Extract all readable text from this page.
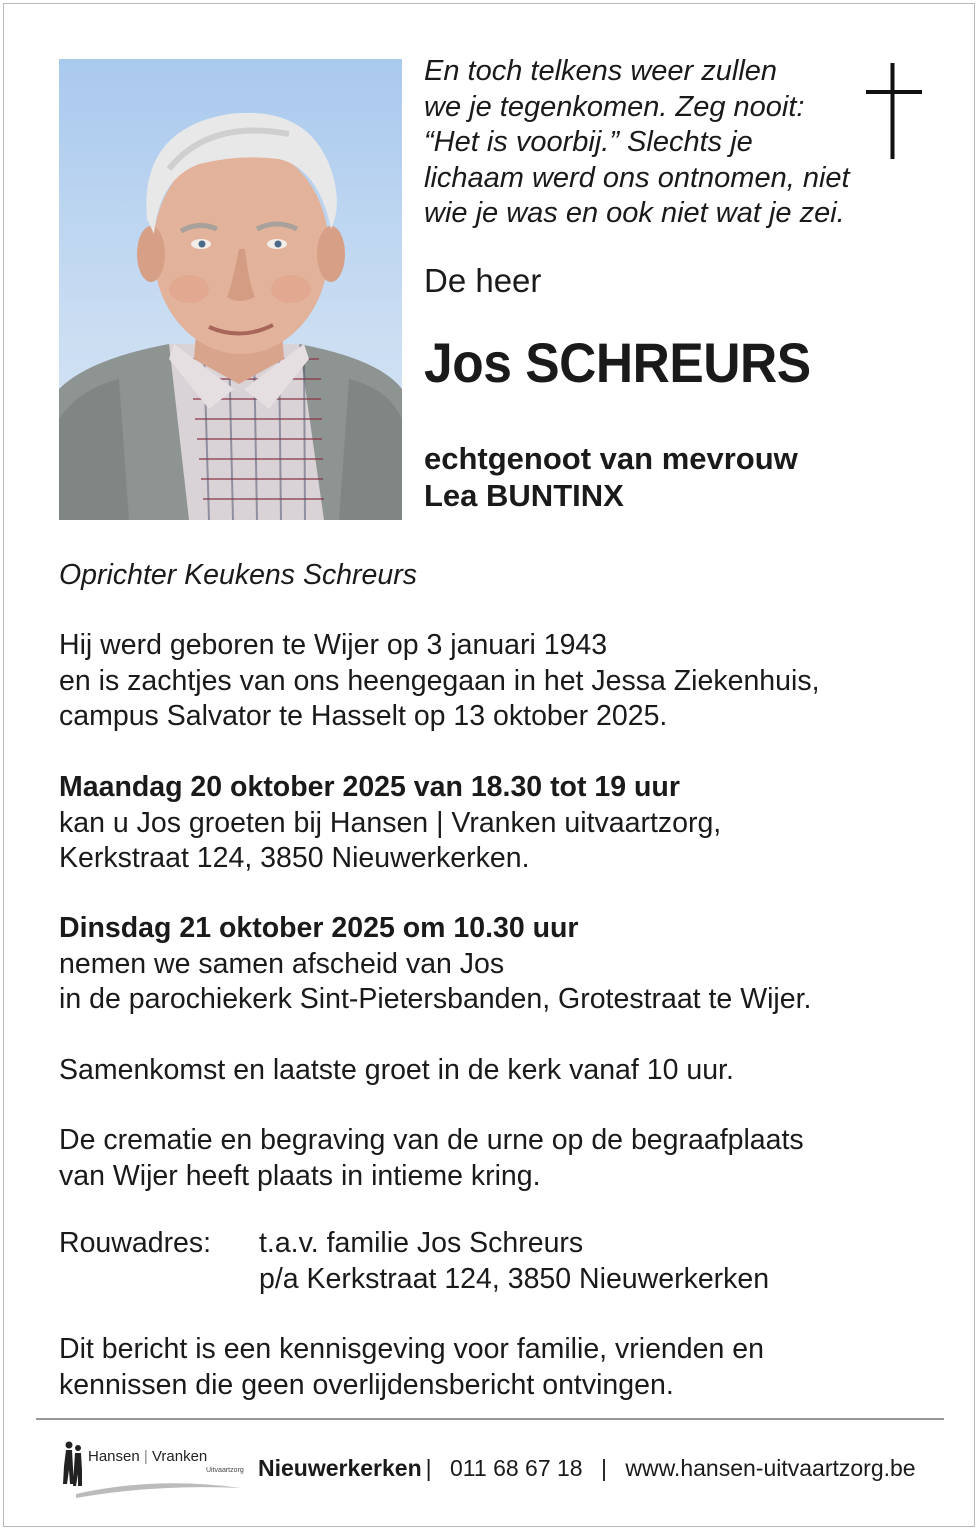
En toch telkens weer zullen
we je tegenkomen. Zeg nooit:
“Het is voorbij.” Slechts je
lichaam werd ons ontnomen, niet
wie je was en ook niet wat je zei.

De heer

Jos SCHREURS
echtgenoot van mevrouw
Lea BUNTINX
Oprichter Keukens Schreurs
Hij werd geboren te Wijer op 3 januari 1943
en is zachtjes van ons heengegaan in het Jessa Ziekenhuis,
campus Salvator te Hasselt op 13 oktober 2025.
Maandag 20 oktober 2025 van 18.30 tot 19 uur
kan u Jos groeten bij Hansen | Vranken uitvaartzorg,
Kerkstraat 124, 3850 Nieuwerkerken.
Dinsdag 21 oktober 2025 om 10.30 uur
nemen we samen afscheid van Jos
in de parochiekerk Sint-Pietersbanden, Grotestraat te Wijer.
Samenkomst en laatste groet in de kerk vanaf 10 uur.
De crematie en begraving van de urne op de begraafplaats
van Wijer heeft plaats in intieme kring.
Rouwadres: t.a.v. familie Jos Schreurs
p/a Kerkstraat 124, 3850 Nieuwerkerken
Dit bericht is een kennisgeving voor familie, vrienden en
kennissen die geen overlijdensbericht ontvingen.
Hansen | Vranken
Uitvaartzorg Nieuwerkerken | 011 68 67 18 | www.hansen-uitvaartzorg.be
